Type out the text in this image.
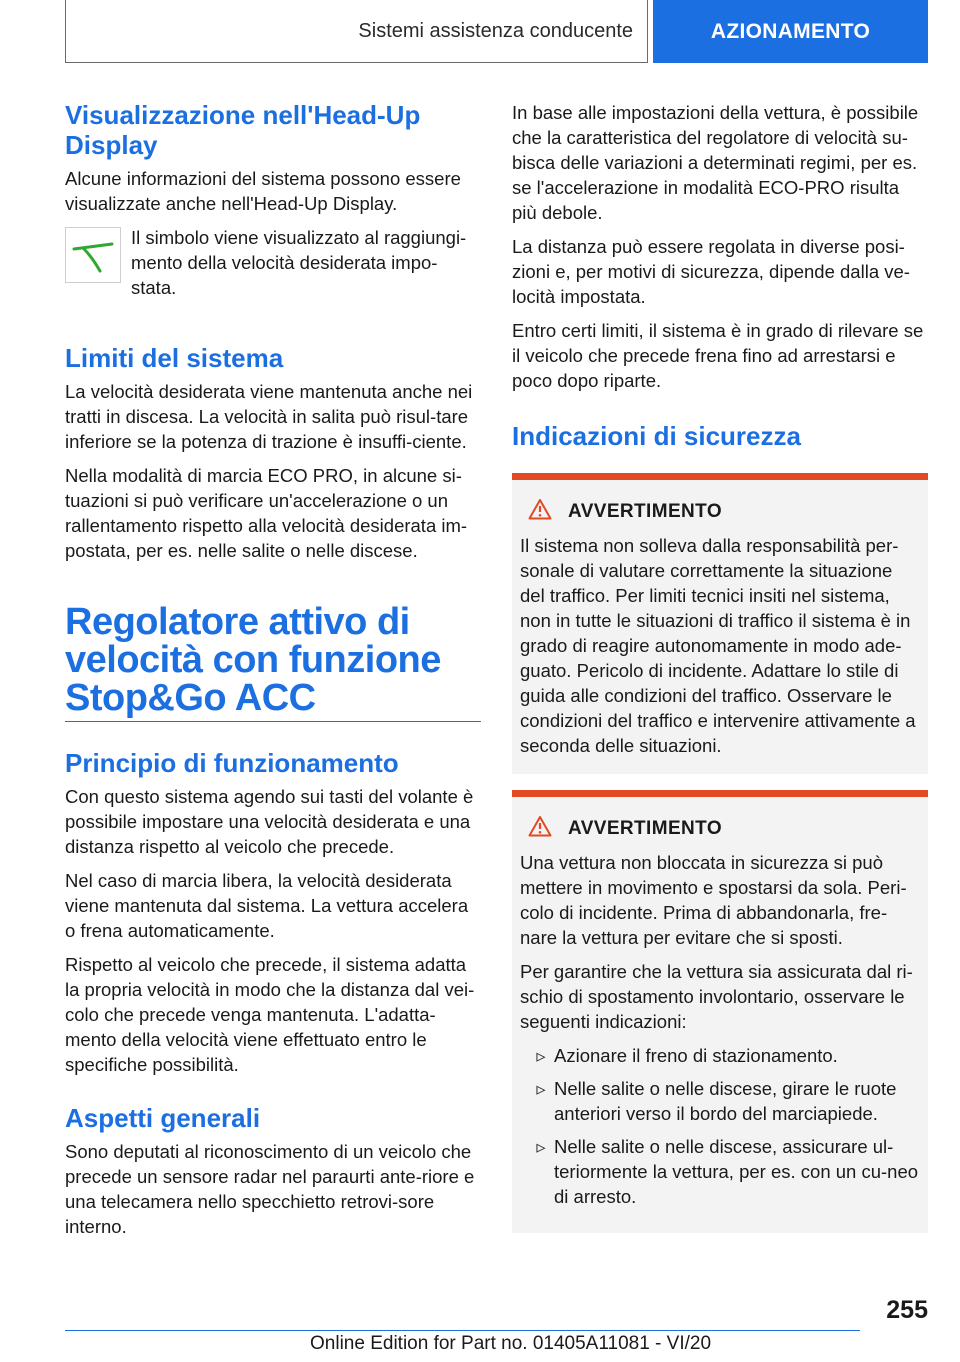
Sistemi assistenza conducente	AZIONAMENTO
Visualizzazione nell'Head-Up Display

Alcune informazioni del sistema possono essere visualizzate anche nell'Head-Up Display.

Il simbolo viene visualizzato al raggiungi-mento della velocità desiderata impo-stata.

Limiti del sistema

La velocità desiderata viene mantenuta anche nei tratti in discesa. La velocità in salita può risul-tare inferiore se la potenza di trazione è insuffi-ciente.

Nella modalità di marcia ECO PRO, in alcune si-tuazioni si può verificare un'accelerazione o un rallentamento rispetto alla velocità desiderata im-postata, per es. nelle salite o nelle discese.

Regolatore attivo di velocità con funzione Stop&Go ACC
Principio di funzionamento

Con questo sistema agendo sui tasti del volante è possibile impostare una velocità desiderata e una distanza rispetto al veicolo che precede.

Nel caso di marcia libera, la velocità desiderata viene mantenuta dal sistema. La vettura accelera o frena automaticamente.

Rispetto al veicolo che precede, il sistema adatta la propria velocità in modo che la distanza dal vei-colo che precede venga mantenuta. L'adatta-mento della velocità viene effettuato entro le specifiche possibilità.

Aspetti generali

Sono deputati al riconoscimento di un veicolo che precede un sensore radar nel paraurti ante-riore e una telecamera nello specchietto retrovi-sore interno.

In base alle impostazioni della vettura, è possibile che la caratteristica del regolatore di velocità su-bisca delle variazioni a determinati regimi, per es. se l'accelerazione in modalità ECO-PRO risulta più debole.

La distanza può essere regolata in diverse posi-zioni e, per motivi di sicurezza, dipende dalla ve-locità impostata.

Entro certi limiti, il sistema è in grado di rilevare se il veicolo che precede frena fino ad arrestarsi e poco dopo riparte.

Indicazioni di sicurezza
AVVERTIMENTO

Il sistema non solleva dalla responsabilità per-sonale di valutare correttamente la situazione del traffico. Per limiti tecnici insiti nel sistema, non in tutte le situazioni di traffico il sistema è in grado di reagire autonomamente in modo ade-guato. Pericolo di incidente. Adattare lo stile di guida alle condizioni del traffico. Osservare le condizioni del traffico e intervenire attivamente a seconda delle situazioni.

AVVERTIMENTO

Una vettura non bloccata in sicurezza si può mettere in movimento e spostarsi da sola. Peri-colo di incidente. Prima di abbandonarla, fre-nare la vettura per evitare che si sposti.

Per garantire che la vettura sia assicurata dal ri-schio di spostamento involontario, osservare le seguenti indicazioni:

▹ Azionare il freno di stazionamento.
▹ Nelle salite o nelle discese, girare le ruote anteriori verso il bordo del marciapiede.
▹ Nelle salite o nelle discese, assicurare ul-teriormente la vettura, per es. con un cu-neo di arresto.
255
Online Edition for Part no. 01405A11081 - VI/20
